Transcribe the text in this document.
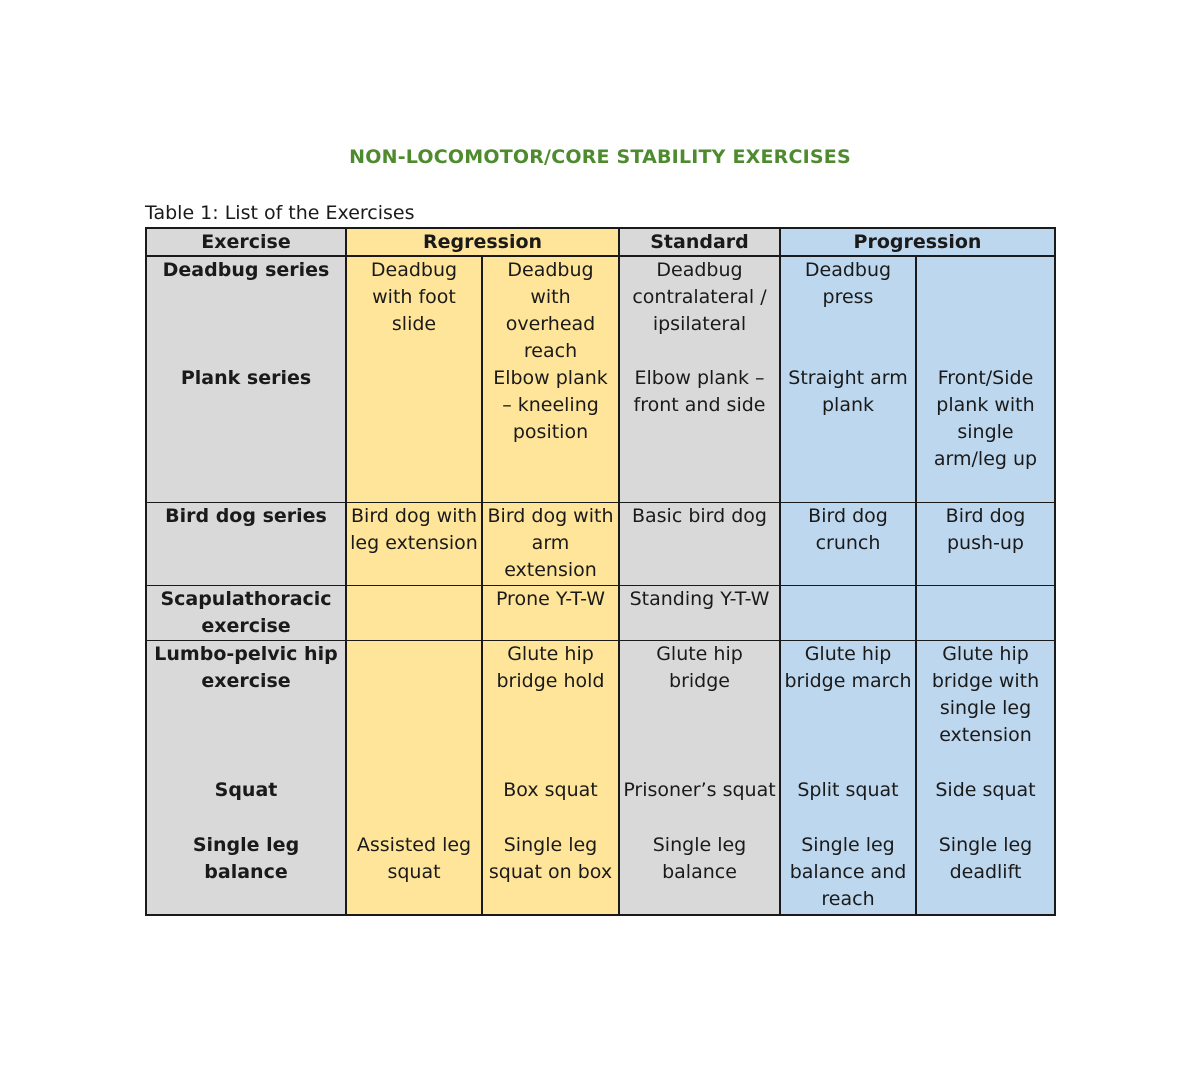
NON-LOCOMOTOR/CORE STABILITY EXERCISES
Table 1: List of the Exercises
Exercise	Regression		Standard	Progression	
Deadbug series	Deadbug with foot slide	Deadbug with overhead reach	Deadbug contralateral / ipsilateral	Deadbug press	
Plank series		Elbow plank – kneeling position	Elbow plank – front and side	Straight arm plank	Front/Side plank with single arm/leg up
Bird dog series	Bird dog with leg extension	Bird dog with arm extension	Basic bird dog	Bird dog crunch	Bird dog push-up
Scapulathoracic exercise		Prone Y-T-W	Standing Y-T-W		
Lumbo-pelvic hip exercise		Glute hip bridge hold	Glute hip bridge	Glute hip bridge march	Glute hip bridge with single leg extension
Squat		Box squat	Prisoner’s squat	Split squat	Side squat
Single leg balance	Assisted leg squat	Single leg squat on box	Single leg balance	Single leg balance and reach	Single leg deadlift
